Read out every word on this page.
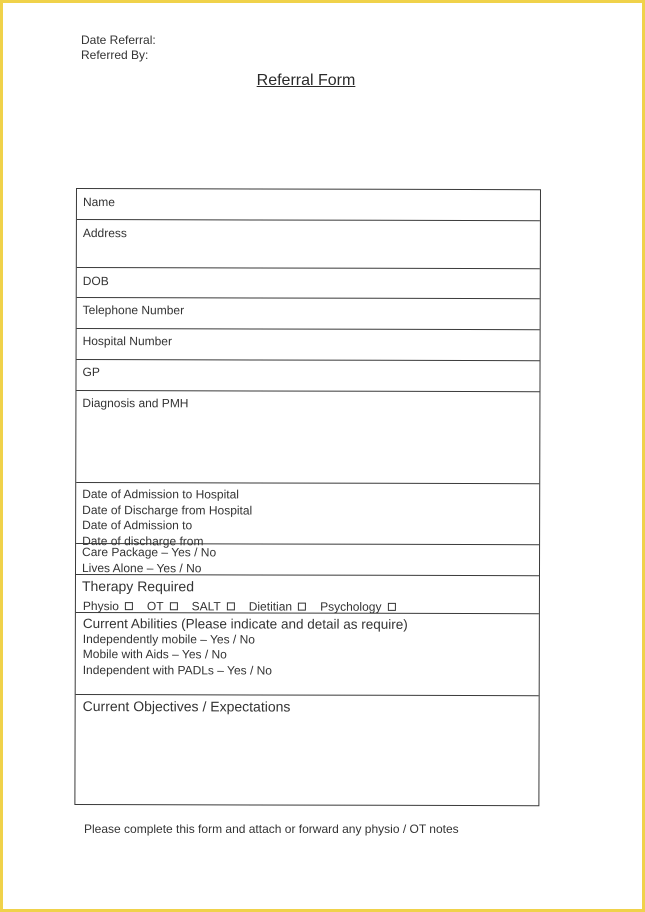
Date Referral:
Referred By:
Referral Form
Name
Address
DOB
Telephone Number
Hospital Number
GP
Diagnosis and PMH
Date of Admission to Hospital
Date of Discharge from Hospital
Date of Admission to
Date of discharge from
Care Package – Yes / No
Lives Alone – Yes / No
Therapy Required
Physio OT SALT Dietitian Psychology
Current Abilities (Please indicate and detail as require)
Independently mobile – Yes / No
Mobile with Aids – Yes / No
Independent with PADLs – Yes / No
Current Objectives / Expectations
Please complete this form and attach or forward any physio / OT notes
